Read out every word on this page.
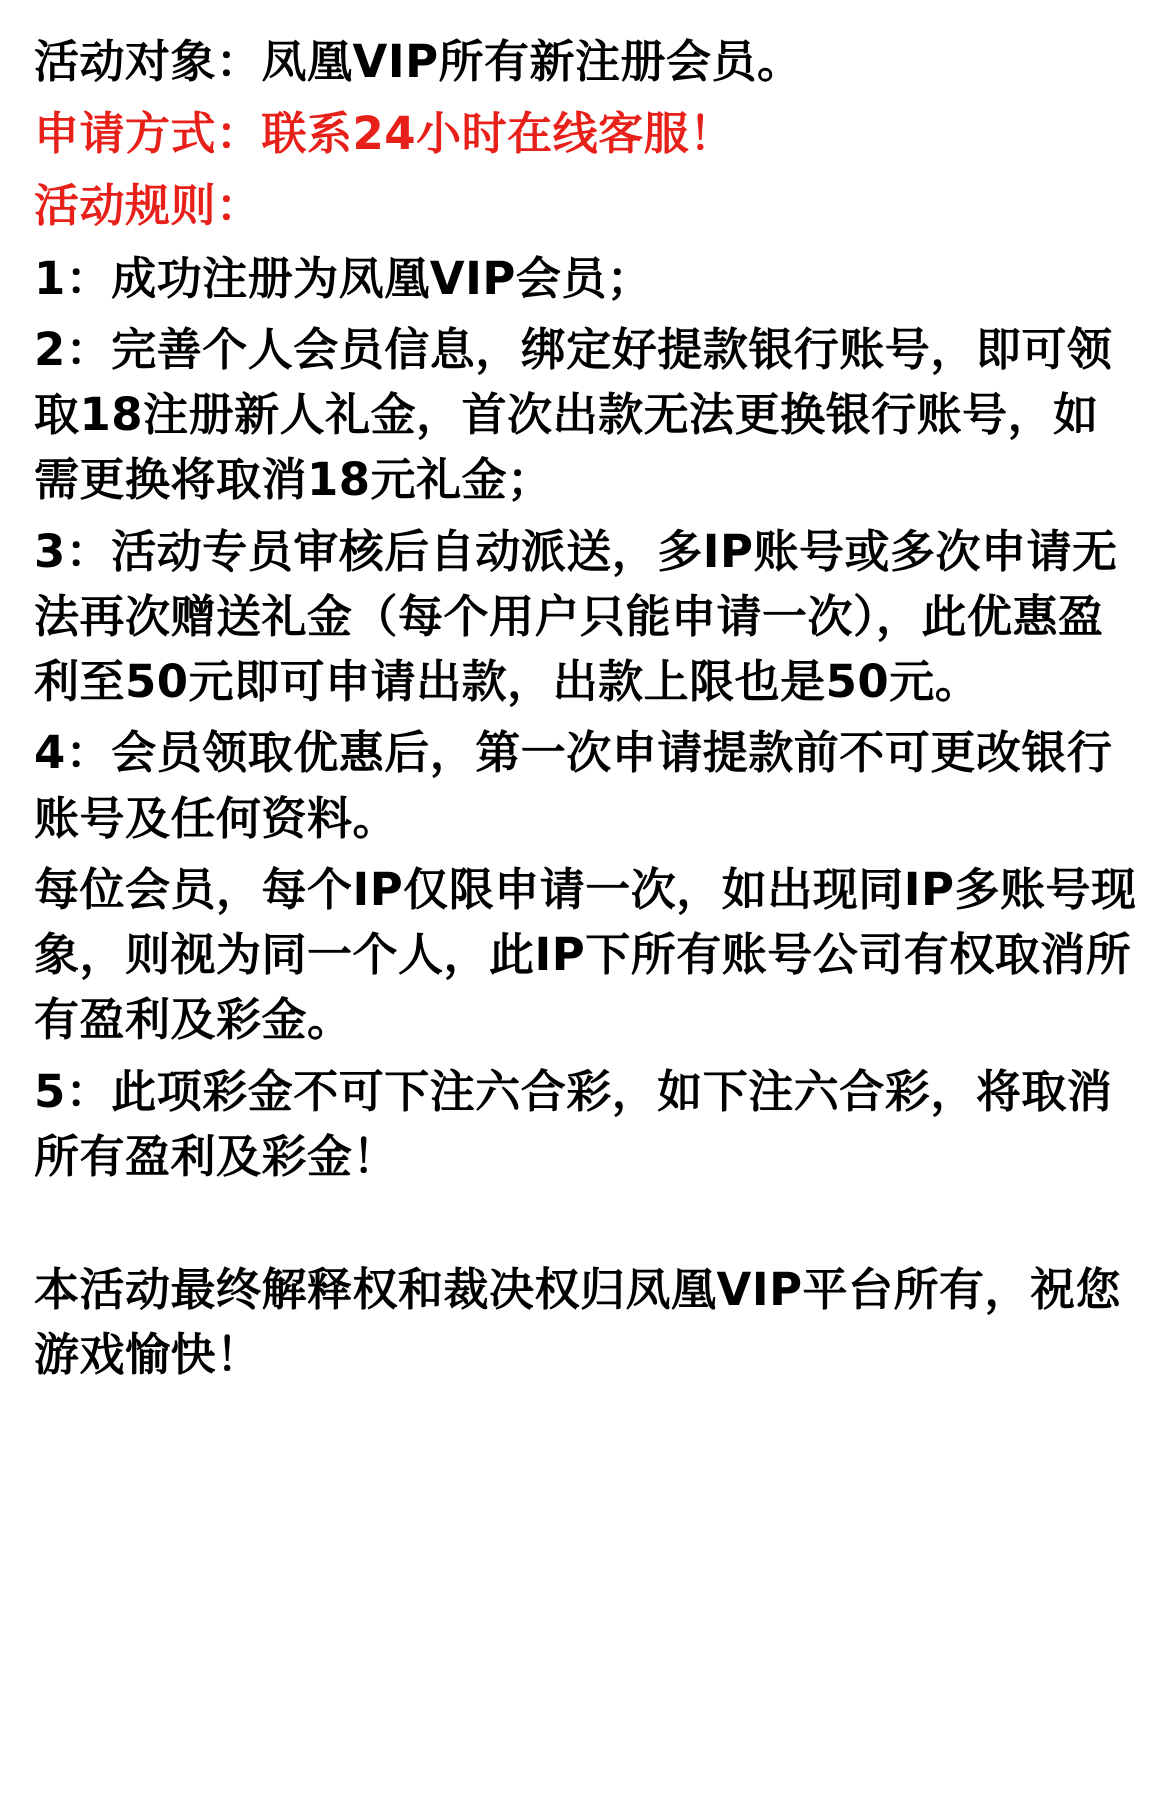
活动对象：凤凰VIP所有新注册会员。

申请方式：联系24小时在线客服！

活动规则：

1：成功注册为凤凰VIP会员；

2：完善个人会员信息，绑定好提款银行账号，即可领取18注册新人礼金，首次出款无法更换银行账号，如需更换将取消18元礼金；

3：活动专员审核后自动派送，多IP账号或多次申请无法再次赠送礼金（每个用户只能申请一次），此优惠盈利至50元即可申请出款，出款上限也是50元。

4：会员领取优惠后，第一次申请提款前不可更改银行账号及任何资料。

每位会员，每个IP仅限申请一次，如出现同IP多账号现象，则视为同一个人，此IP下所有账号公司有权取消所有盈利及彩金。

5：此项彩金不可下注六合彩，如下注六合彩，将取消所有盈利及彩金！

本活动最终解释权和裁决权归凤凰VIP平台所有，祝您游戏愉快！
